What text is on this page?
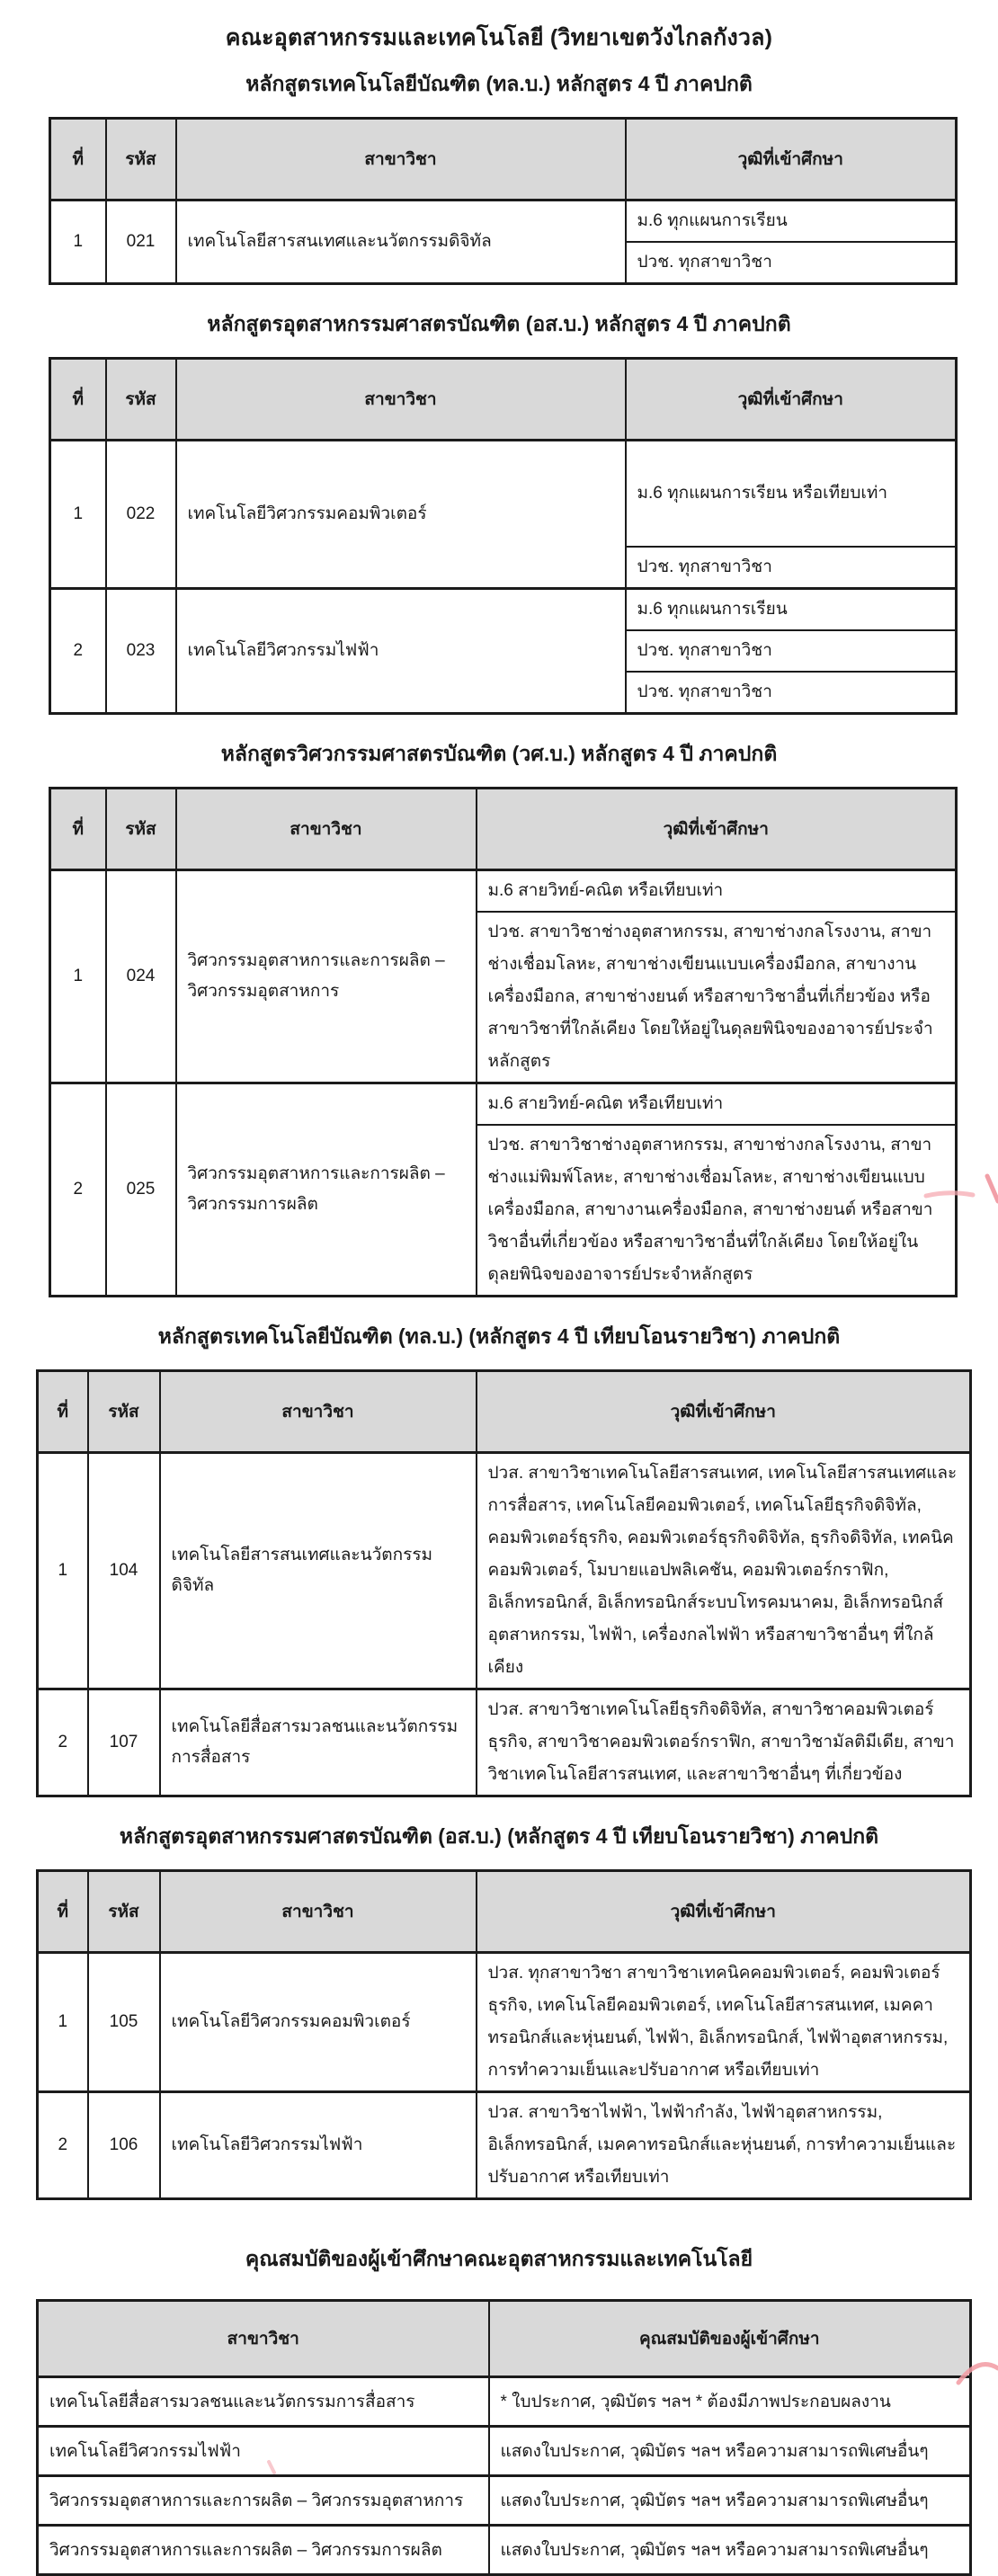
คณะอุตสาหกรรมและเทคโนโลยี (วิทยาเขตวังไกลกังวล)
หลักสูตรเทคโนโลยีบัณฑิต (ทล.บ.) หลักสูตร 4 ปี ภาคปกติ
ที่	รหัส	สาขาวิชา	วุฒิที่เข้าศึกษา
1	021	เทคโนโลยีสารสนเทศและนวัตกรรมดิจิทัล	ม.6 ทุกแผนการเรียน
			ปวช. ทุกสาขาวิชา
หลักสูตรอุตสาหกรรมศาสตรบัณฑิต (อส.บ.) หลักสูตร 4 ปี ภาคปกติ
ที่	รหัส	สาขาวิชา	วุฒิที่เข้าศึกษา
1	022	เทคโนโลยีวิศวกรรมคอมพิวเตอร์	ม.6 ทุกแผนการเรียน หรือเทียบเท่า
			ปวช. ทุกสาขาวิชา
2	023	เทคโนโลยีวิศวกรรมไฟฟ้า	ม.6 ทุกแผนการเรียน
			ปวช. ทุกสาขาวิชา
			ปวช. ทุกสาขาวิชา
หลักสูตรวิศวกรรมศาสตรบัณฑิต (วศ.บ.) หลักสูตร 4 ปี ภาคปกติ
ที่	รหัส	สาขาวิชา	วุฒิที่เข้าศึกษา
1	024	วิศวกรรมอุตสาหการและการผลิต – วิศวกรรมอุตสาหการ	ม.6 สายวิทย์-คณิต หรือเทียบเท่า
			ปวช. สาขาวิชาช่างอุตสาหกรรม, สาขาช่างกลโรงงาน, สาขาช่างเชื่อมโลหะ, สาขาช่างเขียนแบบเครื่องมือกล, สาขางานเครื่องมือกล, สาขาช่างยนต์ หรือสาขาวิชาอื่นที่เกี่ยวข้อง หรือสาขาวิชาที่ใกล้เคียง โดยให้อยู่ในดุลยพินิจของอาจารย์ประจำหลักสูตร
2	025	วิศวกรรมอุตสาหการและการผลิต – วิศวกรรมการผลิต	ม.6 สายวิทย์-คณิต หรือเทียบเท่า
			ปวช. สาขาวิชาช่างอุตสาหกรรม, สาขาช่างกลโรงงาน, สาขาช่างแม่พิมพ์โลหะ, สาขาช่างเชื่อมโลหะ, สาขาช่างเขียนแบบเครื่องมือกล, สาขางานเครื่องมือกล, สาขาช่างยนต์ หรือสาขาวิชาอื่นที่เกี่ยวข้อง หรือสาขาวิชาอื่นที่ใกล้เคียง โดยให้อยู่ในดุลยพินิจของอาจารย์ประจำหลักสูตร
หลักสูตรเทคโนโลยีบัณฑิต (ทล.บ.) (หลักสูตร 4 ปี เทียบโอนรายวิชา) ภาคปกติ
ที่	รหัส	สาขาวิชา	วุฒิที่เข้าศึกษา
1	104	เทคโนโลยีสารสนเทศและนวัตกรรมดิจิทัล	ปวส. สาขาวิชาเทคโนโลยีสารสนเทศ, เทคโนโลยีสารสนเทศและการสื่อสาร, เทคโนโลยีคอมพิวเตอร์, เทคโนโลยีธุรกิจดิจิทัล, คอมพิวเตอร์ธุรกิจ, คอมพิวเตอร์ธุรกิจดิจิทัล, ธุรกิจดิจิทัล, เทคนิคคอมพิวเตอร์, โมบายแอปพลิเคชัน, คอมพิวเตอร์กราฟิก, อิเล็กทรอนิกส์, อิเล็กทรอนิกส์ระบบโทรคมนาคม, อิเล็กทรอนิกส์อุตสาหกรรม, ไฟฟ้า, เครื่องกลไฟฟ้า หรือสาขาวิชาอื่นๆ ที่ใกล้เคียง
2	107	เทคโนโลยีสื่อสารมวลชนและนวัตกรรมการสื่อสาร	ปวส. สาขาวิชาเทคโนโลยีธุรกิจดิจิทัล, สาขาวิชาคอมพิวเตอร์ธุรกิจ, สาขาวิชาคอมพิวเตอร์กราฟิก, สาขาวิชามัลติมีเดีย, สาขาวิชาเทคโนโลยีสารสนเทศ, และสาขาวิชาอื่นๆ ที่เกี่ยวข้อง
หลักสูตรอุตสาหกรรมศาสตรบัณฑิต (อส.บ.) (หลักสูตร 4 ปี เทียบโอนรายวิชา) ภาคปกติ
ที่	รหัส	สาขาวิชา	วุฒิที่เข้าศึกษา
1	105	เทคโนโลยีวิศวกรรมคอมพิวเตอร์	ปวส. ทุกสาขาวิชา สาขาวิชาเทคนิคคอมพิวเตอร์, คอมพิวเตอร์ธุรกิจ, เทคโนโลยีคอมพิวเตอร์, เทคโนโลยีสารสนเทศ, เมคคาทรอนิกส์และหุ่นยนต์, ไฟฟ้า, อิเล็กทรอนิกส์, ไฟฟ้าอุตสาหกรรม, การทำความเย็นและปรับอากาศ หรือเทียบเท่า
2	106	เทคโนโลยีวิศวกรรมไฟฟ้า	ปวส. สาขาวิชาไฟฟ้า, ไฟฟ้ากำลัง, ไฟฟ้าอุตสาหกรรม, อิเล็กทรอนิกส์, เมคคาทรอนิกส์และหุ่นยนต์, การทำความเย็นและปรับอากาศ หรือเทียบเท่า
คุณสมบัติของผู้เข้าศึกษาคณะอุตสาหกรรมและเทคโนโลยี
สาขาวิชา	คุณสมบัติของผู้เข้าศึกษา
เทคโนโลยีสื่อสารมวลชนและนวัตกรรมการสื่อสาร	* ใบประกาศ, วุฒิบัตร ฯลฯ * ต้องมีภาพประกอบผลงาน
เทคโนโลยีวิศวกรรมไฟฟ้า	แสดงใบประกาศ, วุฒิบัตร ฯลฯ หรือความสามารถพิเศษอื่นๆ
วิศวกรรมอุตสาหการและการผลิต – วิศวกรรมอุตสาหการ	แสดงใบประกาศ, วุฒิบัตร ฯลฯ หรือความสามารถพิเศษอื่นๆ
วิศวกรรมอุตสาหการและการผลิต – วิศวกรรมการผลิต	แสดงใบประกาศ, วุฒิบัตร ฯลฯ หรือความสามารถพิเศษอื่นๆ
